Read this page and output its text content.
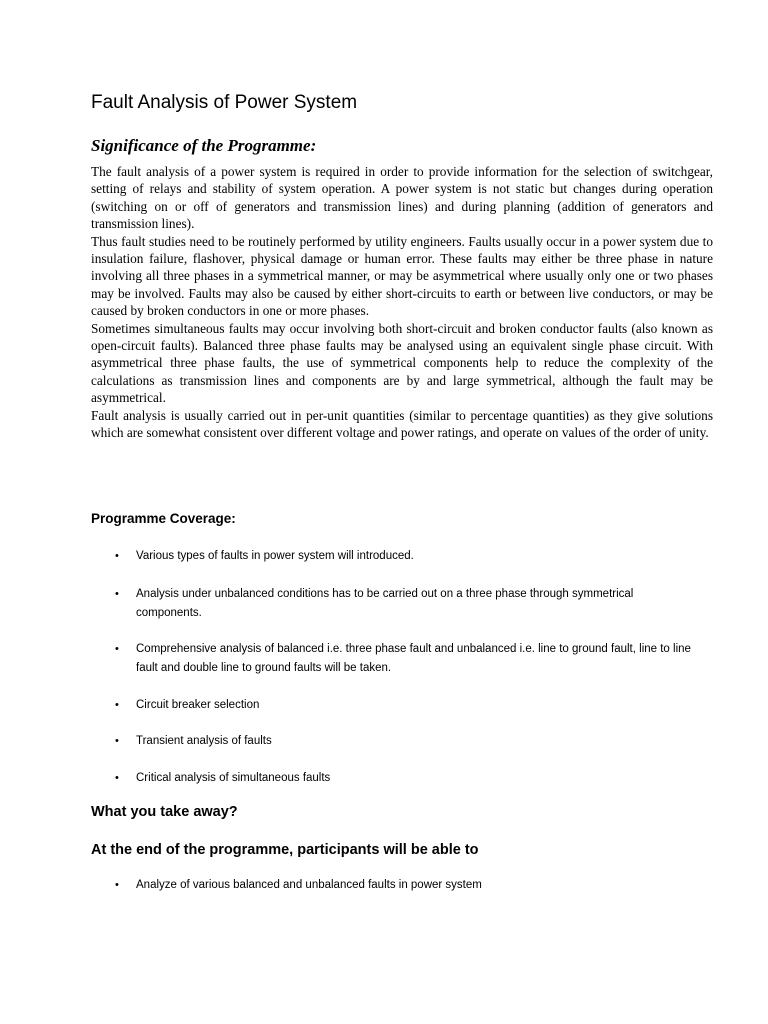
Fault Analysis of Power System
Significance of the Programme:

The fault analysis of a power system is required in order to provide information for the selection of switchgear, setting of relays and stability of system operation. A power system is not static but changes during operation (switching on or off of generators and transmission lines) and during planning (addition of generators and transmission lines).

Thus fault studies need to be routinely performed by utility engineers. Faults usually occur in a power system due to insulation failure, flashover, physical damage or human error. These faults may either be three phase in nature involving all three phases in a symmetrical manner, or may be asymmetrical where usually only one or two phases may be involved. Faults may also be caused by either short-circuits to earth or between live conductors, or may be caused by broken conductors in one or more phases.

Sometimes simultaneous faults may occur involving both short-circuit and broken conductor faults (also known as open-circuit faults). Balanced three phase faults may be analysed using an equivalent single phase circuit. With asymmetrical three phase faults, the use of symmetrical components help to reduce the complexity of the calculations as transmission lines and components are by and large symmetrical, although the fault may be asymmetrical.

Fault analysis is usually carried out in per-unit quantities (similar to percentage quantities) as they give solutions which are somewhat consistent over different voltage and power ratings, and operate on values of the order of unity.

Programme Coverage:
• Various types of faults in power system will introduced.
• Analysis under unbalanced conditions has to be carried out on a three phase through symmetrical components.
• Comprehensive analysis of balanced i.e. three phase fault and unbalanced i.e. line to ground fault, line to line fault and double line to ground faults will be taken.
• Circuit breaker selection
• Transient analysis of faults
• Critical analysis of simultaneous faults
What you take away?
At the end of the programme, participants will be able to
• Analyze of various balanced and unbalanced faults in power system
